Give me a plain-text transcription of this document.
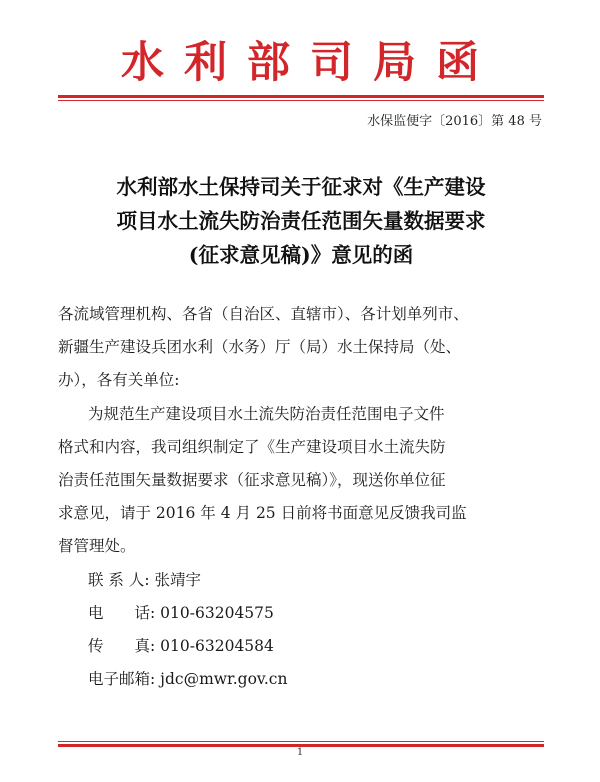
水利部司局函
水保监便字〔2016〕第 48 号
水利部水土保持司关于征求对《生产建设
项目水土流失防治责任范围矢量数据要求
(征求意见稿)》意见的函
各流域管理机构、各省（自治区、直辖市）、各计划单列市、
新疆生产建设兵团水利（水务）厅（局）水土保持局（处、
办），各有关单位:
为规范生产建设项目水土流失防治责任范围电子文件
格式和内容，我司组织制定了《生产建设项目水土流失防
治责任范围矢量数据要求（征求意见稿）》，现送你单位征
求意见，请于 2016 年 4 月 25 日前将书面意见反馈我司监
督管理处。
联 系 人: 张靖宇
电　　话: 010-63204575
传　　真: 010-63204584
电子邮箱: jdc@mwr.gov.cn
1
